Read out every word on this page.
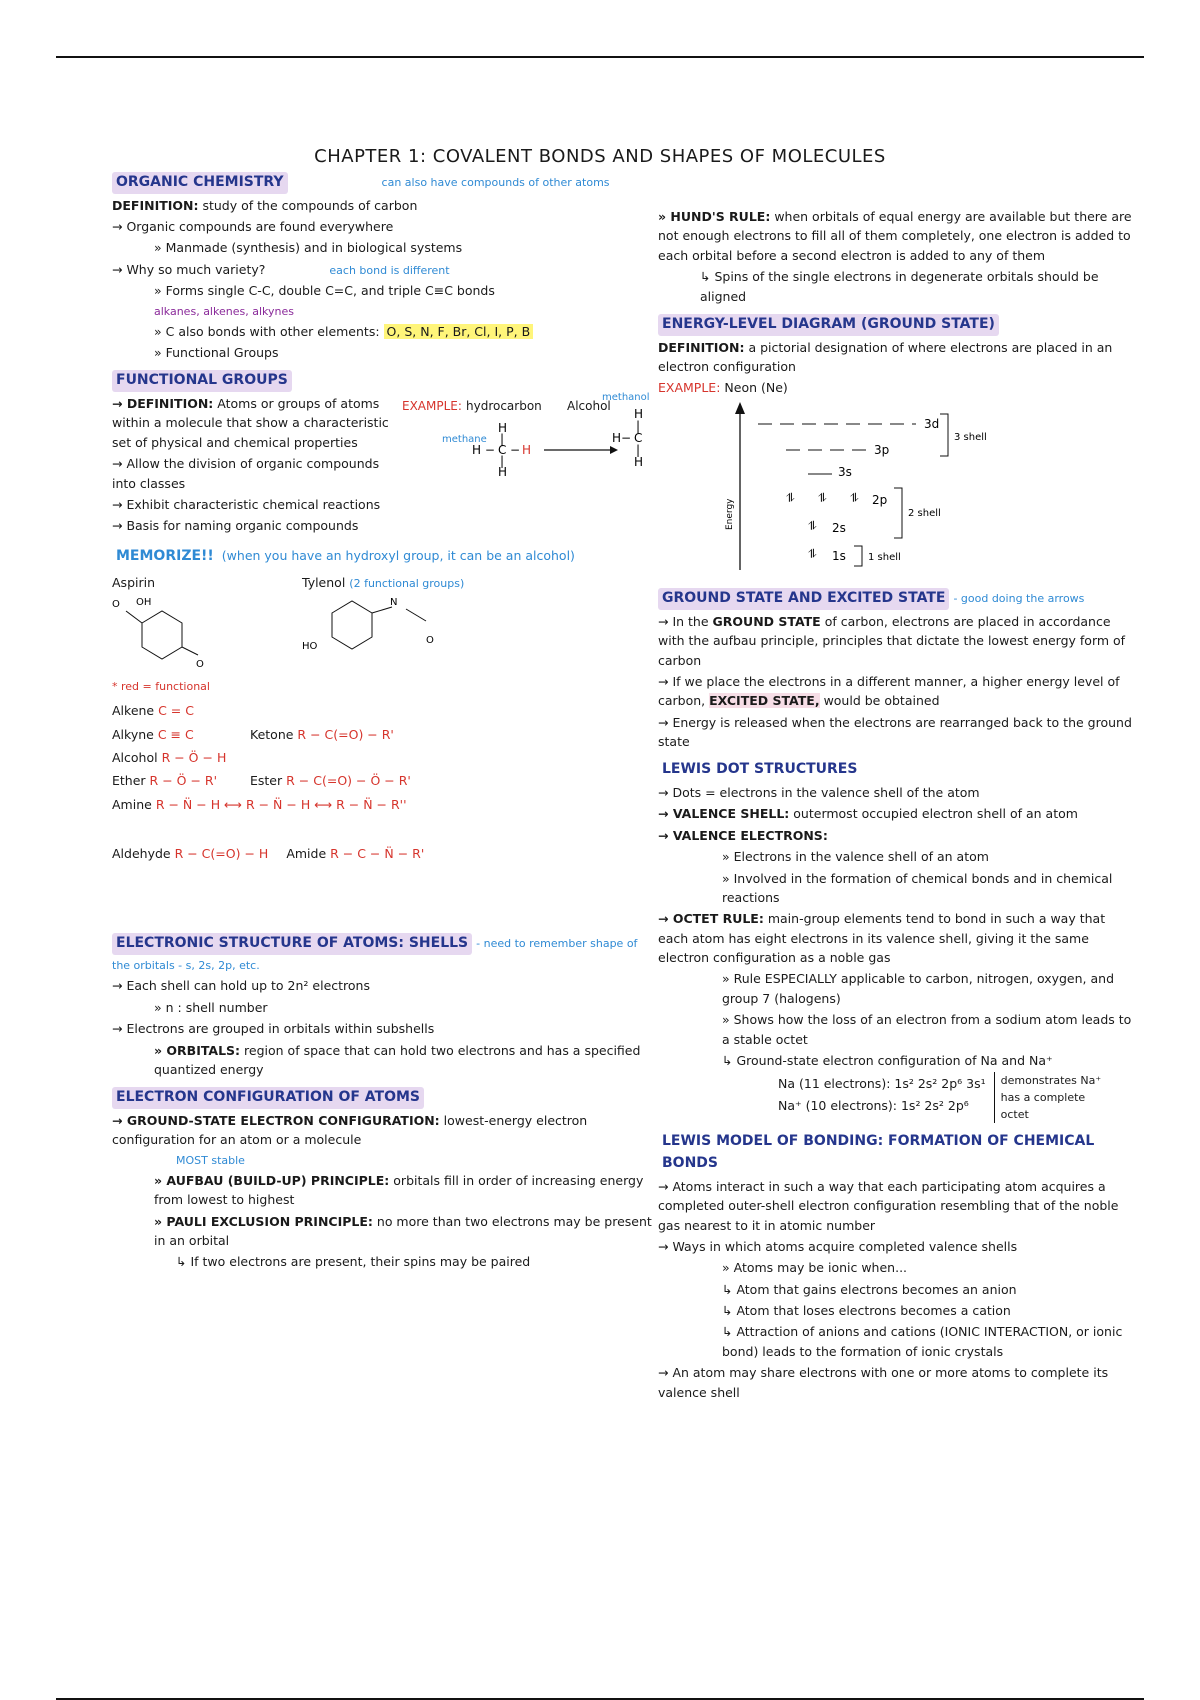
CHAPTER 1: COVALENT BONDS AND SHAPES OF MOLECULES
ORGANIC CHEMISTRY	can also have compounds of other atoms
DEFINITION: study of the compounds of carbon
→ Organic compounds are found everywhere
» Manmade (synthesis) and in biological systems
→ Why so much variety?	each bond is different
» Forms single C-C, double C=C, and triple C≡C bonds
alkanes, alkenes, alkynes
» C also bonds with other elements: O, S, N, F, Br, Cl, I, P, B
» Functional Groups
FUNCTIONAL GROUPS
→ DEFINITION: Atoms or groups of atoms within a molecule that show a characteristic set of physical and chemical properties
→ Allow the division of organic compounds into classes
→ Exhibit characteristic chemical reactions
→ Basis for naming organic compounds
EXAMPLE: hydrocarbon Alcohol
methane
methanol
H
C
H
H − − H
|
|
H
C
H
H−
|
|
MEMORIZE!! (when you have an hydroxyl group, it can be an alcohol)
Aspirin
O OH
O
Tylenol (2 functional groups)
N
HO
O
* red = functional
Alkene C = C
Alkyne C ≡ C	Ketone R − C(=O) − R'
Alcohol R − Ö − H
Ether R − Ö − R'	Ester R − C(=O) − Ö − R'
Amine R − N̈ − H ⟷ R − N̈ − H ⟷ R − N̈ − R''
Aldehyde R − C(=O) − H Amide R − C − N̈ − R'
ELECTRONIC STRUCTURE OF ATOMS: SHELLS - need to remember shape of the orbitals - s, 2s, 2p, etc.
→ Each shell can hold up to 2n² electrons
» n : shell number
→ Electrons are grouped in orbitals within subshells
» ORBITALS: region of space that can hold two electrons and has a specified quantized energy
ELECTRON CONFIGURATION OF ATOMS
→ GROUND-STATE ELECTRON CONFIGURATION: lowest-energy electron configuration for an atom or a molecule
MOST stable
» AUFBAU (BUILD-UP) PRINCIPLE: orbitals fill in order of increasing energy from lowest to highest
» PAULI EXCLUSION PRINCIPLE: no more than two electrons may be present in an orbital
↳ If two electrons are present, their spins may be paired
» HUND'S RULE: when orbitals of equal energy are available but there are not enough electrons to fill all of them completely, one electron is added to each orbital before a second electron is added to any of them
↳ Spins of the single electrons in degenerate orbitals should be aligned
ENERGY-LEVEL DIAGRAM (GROUND STATE)
DEFINITION: a pictorial designation of where electrons are placed in an electron configuration
EXAMPLE: Neon (Ne)
Energy
3d
3p
3s
⥮ ⥮ ⥮ 2p
⥮ 2s
⥮ 1s
3 shell
2 shell
1 shell
GROUND STATE AND EXCITED STATE - good doing the arrows
→ In the GROUND STATE of carbon, electrons are placed in accordance with the aufbau principle, principles that dictate the lowest energy form of carbon
→ If we place the electrons in a different manner, a higher energy level of carbon, EXCITED STATE, would be obtained
→ Energy is released when the electrons are rearranged back to the ground state
LEWIS DOT STRUCTURES
→ Dots = electrons in the valence shell of the atom
→ VALENCE SHELL: outermost occupied electron shell of an atom
→ VALENCE ELECTRONS:
» Electrons in the valence shell of an atom
» Involved in the formation of chemical bonds and in chemical reactions
→ OCTET RULE: main-group elements tend to bond in such a way that each atom has eight electrons in its valence shell, giving it the same electron configuration as a noble gas
» Rule ESPECIALLY applicable to carbon, nitrogen, oxygen, and group 7 (halogens)
» Shows how the loss of an electron from a sodium atom leads to a stable octet
↳ Ground-state electron configuration of Na and Na⁺
Na (11 electrons): 1s² 2s² 2p⁶ 3s¹
Na⁺ (10 electrons): 1s² 2s² 2p⁶
demonstrates Na⁺ has a complete octet
LEWIS MODEL OF BONDING: FORMATION OF CHEMICAL BONDS
→ Atoms interact in such a way that each participating atom acquires a completed outer-shell electron configuration resembling that of the noble gas nearest to it in atomic number
→ Ways in which atoms acquire completed valence shells
» Atoms may be ionic when...
↳ Atom that gains electrons becomes an anion
↳ Atom that loses electrons becomes a cation
↳ Attraction of anions and cations (IONIC INTERACTION, or ionic bond) leads to the formation of ionic crystals
→ An atom may share electrons with one or more atoms to complete its valence shell
